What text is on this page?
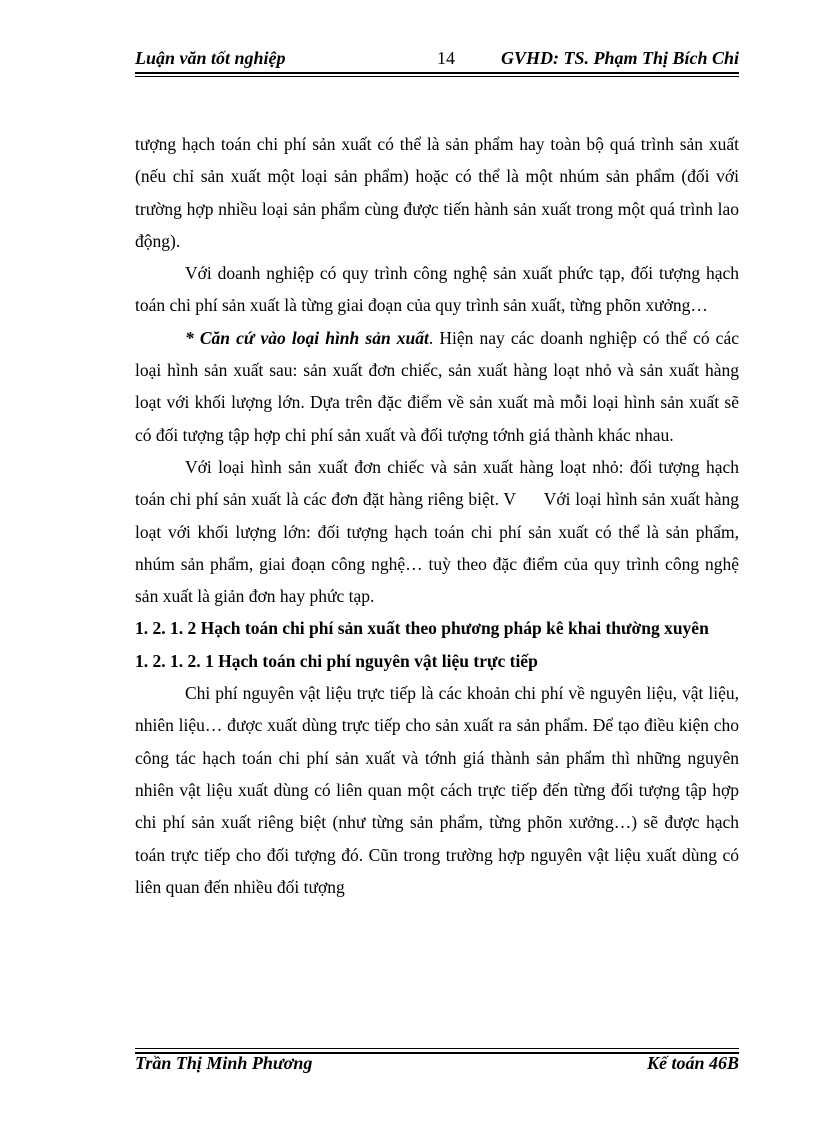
Luận văn tốt nghiệp	14	GVHD: TS. Phạm Thị Bích Chi

tượng hạch toán chi phí sản xuất có thể là sản phẩm hay toàn bộ quá trình sản xuất (nếu chỉ sản xuất một loại sản phẩm) hoặc có thể là một nhúm sản phẩm (đối với trường hợp nhiều loại sản phẩm cùng được tiến hành sản xuất trong một quá trình lao động).

Với doanh nghiệp có quy trình công nghệ sản xuất phức tạp, đối tượng hạch toán chi phí sản xuất là từng giai đoạn của quy trình sản xuất, từng phõn xưởng…

* Căn cứ vào loại hình sản xuất. Hiện nay các doanh nghiệp có thể có các loại hình sản xuất sau: sản xuất đơn chiếc, sản xuất hàng loạt nhỏ và sản xuất hàng loạt với khối lượng lớn. Dựa trên đặc điểm về sản xuất mà mỗi loại hình sản xuất sẽ có đối tượng tập hợp chi phí sản xuất và đối tượng tớnh giá thành khác nhau.

Với loại hình sản xuất đơn chiếc và sản xuất hàng loạt nhỏ: đối tượng hạch toán chi phí sản xuất là các đơn đặt hàng riêng biệt. V      Với loại hình sản xuất hàng loạt với khối lượng lớn: đối tượng hạch toán chi phí sản xuất có thể là sản phẩm, nhúm sản phẩm, giai đoạn công nghệ… tuỳ theo đặc điểm của quy trình công nghệ sản xuất là giản đơn hay phức tạp.

1. 2. 1. 2 Hạch toán chi phí sản xuất theo phương pháp kê khai thường xuyên

1. 2. 1. 2. 1 Hạch toán chi phí nguyên vật liệu trực tiếp

Chi phí nguyên vật liệu trực tiếp là các khoản chi phí về nguyên liệu, vật liệu, nhiên liệu… được xuất dùng trực tiếp cho sản xuất ra sản phẩm. Để tạo điều kiện cho công tác hạch toán chi phí sản xuất và tớnh giá thành sản phẩm thì những nguyên nhiên vật liệu xuất dùng có liên quan một cách trực tiếp đến từng đối tượng tập hợp chi phí sản xuất riêng biệt (như từng sản phẩm, từng phõn xưởng…) sẽ được hạch toán trực tiếp cho đối tượng đó. Cũn trong trường hợp nguyên vật liệu xuất dùng có liên quan đến nhiều đối tượng

Trần Thị Minh Phương	Kế toán 46B
